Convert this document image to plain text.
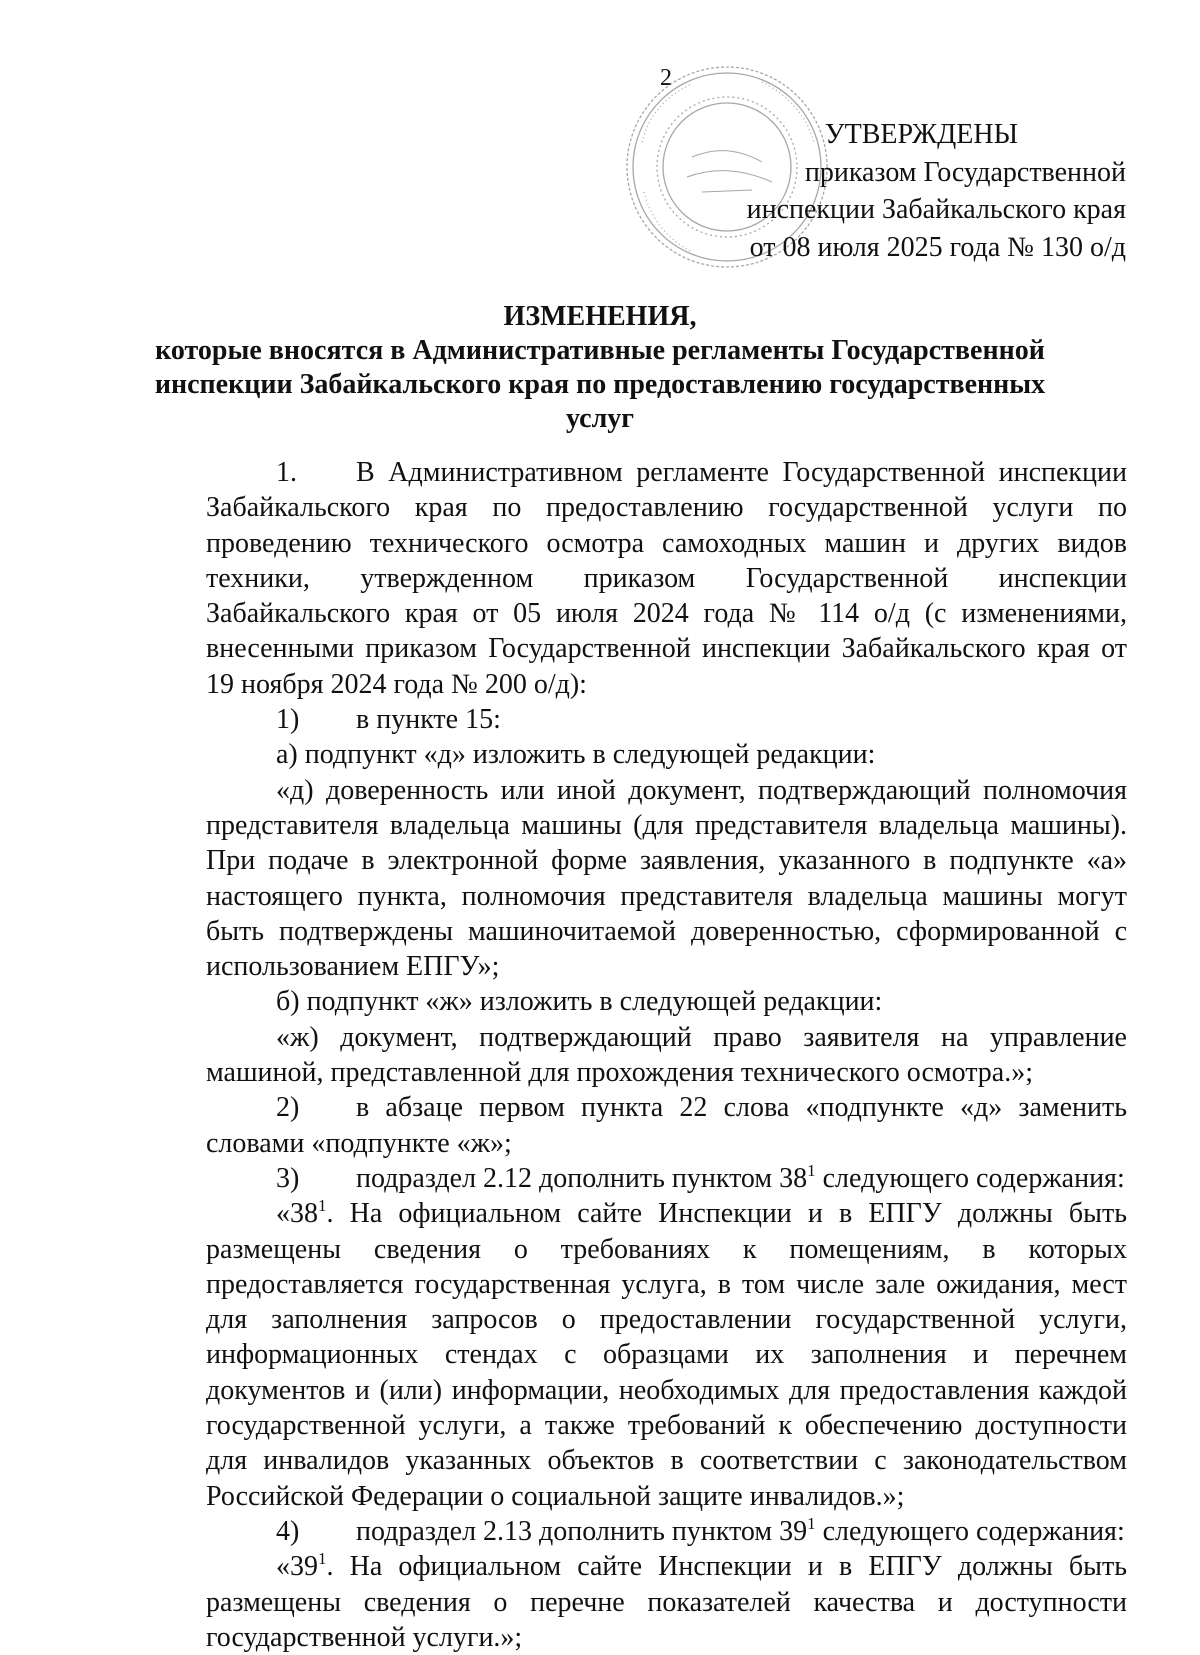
2
УТВЕРЖДЕНЫ
приказом Государственной
инспекции Забайкальского края
от 08 июля 2025 года № 130 о/д
ИЗМЕНЕНИЯ,
которые вносятся в Административные регламенты Государственной
инспекции Забайкальского края по предоставлению государственных
услуг

1. В Административном регламенте Государственной инспекции Забайкальского края по предоставлению государственной услуги по проведению технического осмотра самоходных машин и других видов техники, утвержденном приказом Государственной инспекции Забайкальского края от 05 июля 2024 года № 114 о/д (с изменениями, внесенными приказом Государственной инспекции Забайкальского края от 19 ноября 2024 года № 200 о/д):

1) в пункте 15:

а) подпункт «д» изложить в следующей редакции:

«д) доверенность или иной документ, подтверждающий полномочия представителя владельца машины (для представителя владельца машины). При подаче в электронной форме заявления, указанного в подпункте «а» настоящего пункта, полномочия представителя владельца машины могут быть подтверждены машиночитаемой доверенностью, сформированной с использованием ЕПГУ»;

б) подпункт «ж» изложить в следующей редакции:

«ж) документ, подтверждающий право заявителя на управление машиной, представленной для прохождения технического осмотра.»;

2) в абзаце первом пункта 22 слова «подпункте «д» заменить словами «подпункте «ж»;

3) подраздел 2.12 дополнить пунктом $38^1$ следующего содержания:

«$38^1$. На официальном сайте Инспекции и в ЕПГУ должны быть размещены сведения о требованиях к помещениям, в которых предоставляется государственная услуга, в том числе зале ожидания, мест для заполнения запросов о предоставлении государственной услуги, информационных стендах с образцами их заполнения и перечнем документов и (или) информации, необходимых для предоставления каждой государственной услуги, а также требований к обеспечению доступности для инвалидов указанных объектов в соответствии с законодательством Российской Федерации о социальной защите инвалидов.»;

4) подраздел 2.13 дополнить пунктом $39^1$ следующего содержания:

«$39^1$. На официальном сайте Инспекции и в ЕПГУ должны быть размещены сведения о перечне показателей качества и доступности государственной услуги.»;
